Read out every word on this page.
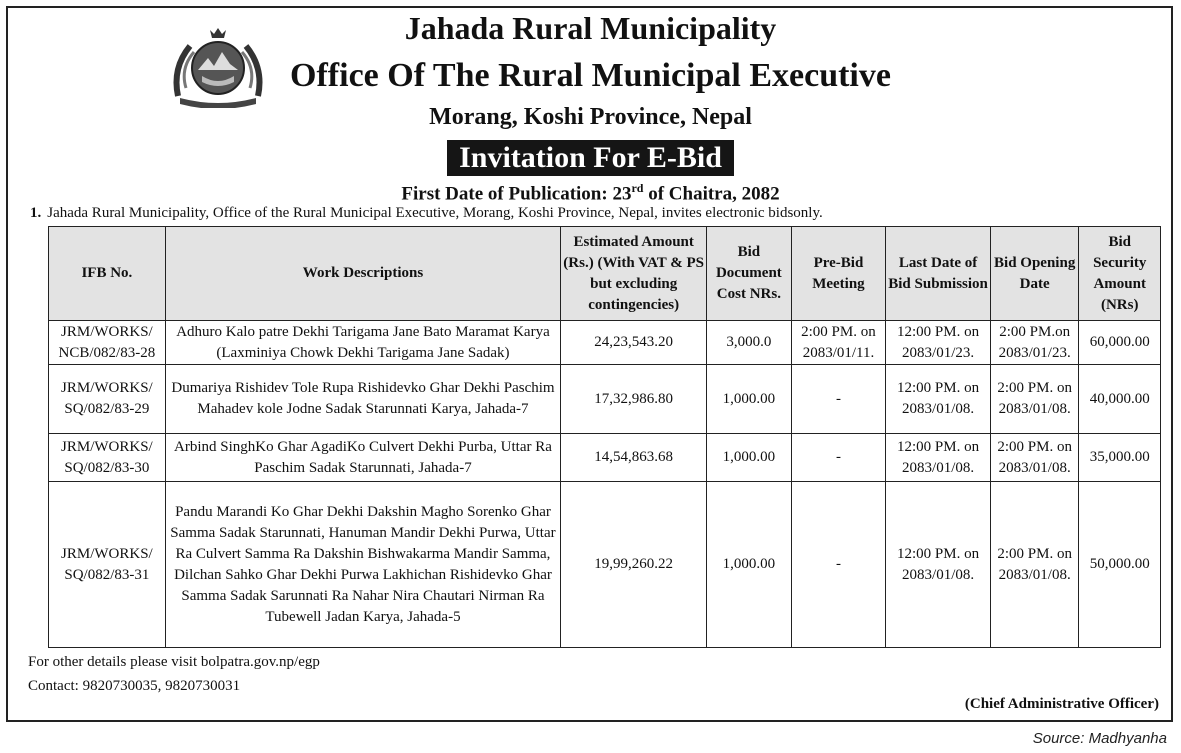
Jahada Rural Municipality
Office Of The Rural Municipal Executive
Morang, Koshi Province, Nepal
Invitation For E-Bid
First Date of Publication: 23rd of Chaitra, 2082
1. Jahada Rural Municipality, Office of the Rural Municipal Executive, Morang, Koshi Province, Nepal, invites electronic bidsonly.
IFB No.	Work Descriptions	Estimated Amount (Rs.) (With VAT & PS but excluding contingencies)	Bid Document Cost NRs.	Pre-Bid Meeting	Last Date of Bid Submission	Bid Opening Date	Bid Security Amount (NRs)
JRM/WORKS/ NCB/082/83-28	Adhuro Kalo patre Dekhi Tarigama Jane Bato Maramat Karya (Laxminiya Chowk Dekhi Tarigama Jane Sadak)	24,23,543.20	3,000.0	2:00 PM. on 2083/01/11.	12:00 PM. on 2083/01/23.	2:00 PM.on 2083/01/23.	60,000.00
JRM/WORKS/ SQ/082/83-29	Dumariya Rishidev Tole Rupa Rishidevko Ghar Dekhi Paschim Mahadev kole Jodne Sadak Starunnati Karya, Jahada-7	17,32,986.80	1,000.00	-	12:00 PM. on 2083/01/08.	2:00 PM. on 2083/01/08.	40,000.00
JRM/WORKS/ SQ/082/83-30	Arbind SinghKo Ghar AgadiKo Culvert Dekhi Purba, Uttar Ra Paschim Sadak Starunnati, Jahada-7	14,54,863.68	1,000.00	-	12:00 PM. on 2083/01/08.	2:00 PM. on 2083/01/08.	35,000.00
JRM/WORKS/ SQ/082/83-31	Pandu Marandi Ko Ghar Dekhi Dakshin Magho Sorenko Ghar Samma Sadak Starunnati, Hanuman Mandir Dekhi Purwa, Uttar Ra Culvert Samma Ra Dakshin Bishwakarma Mandir Samma, Dilchan Sahko Ghar Dekhi Purwa Lakhichan Rishidevko Ghar Samma Sadak Sarunnati Ra Nahar Nira Chautari Nirman Ra Tubewell Jadan Karya, Jahada-5	19,99,260.22	1,000.00	-	12:00 PM. on 2083/01/08.	2:00 PM. on 2083/01/08.	50,000.00
For other details please visit bolpatra.gov.np/egp
Contact: 9820730035, 9820730031
(Chief Administrative Officer)
Source: Madhyanha
